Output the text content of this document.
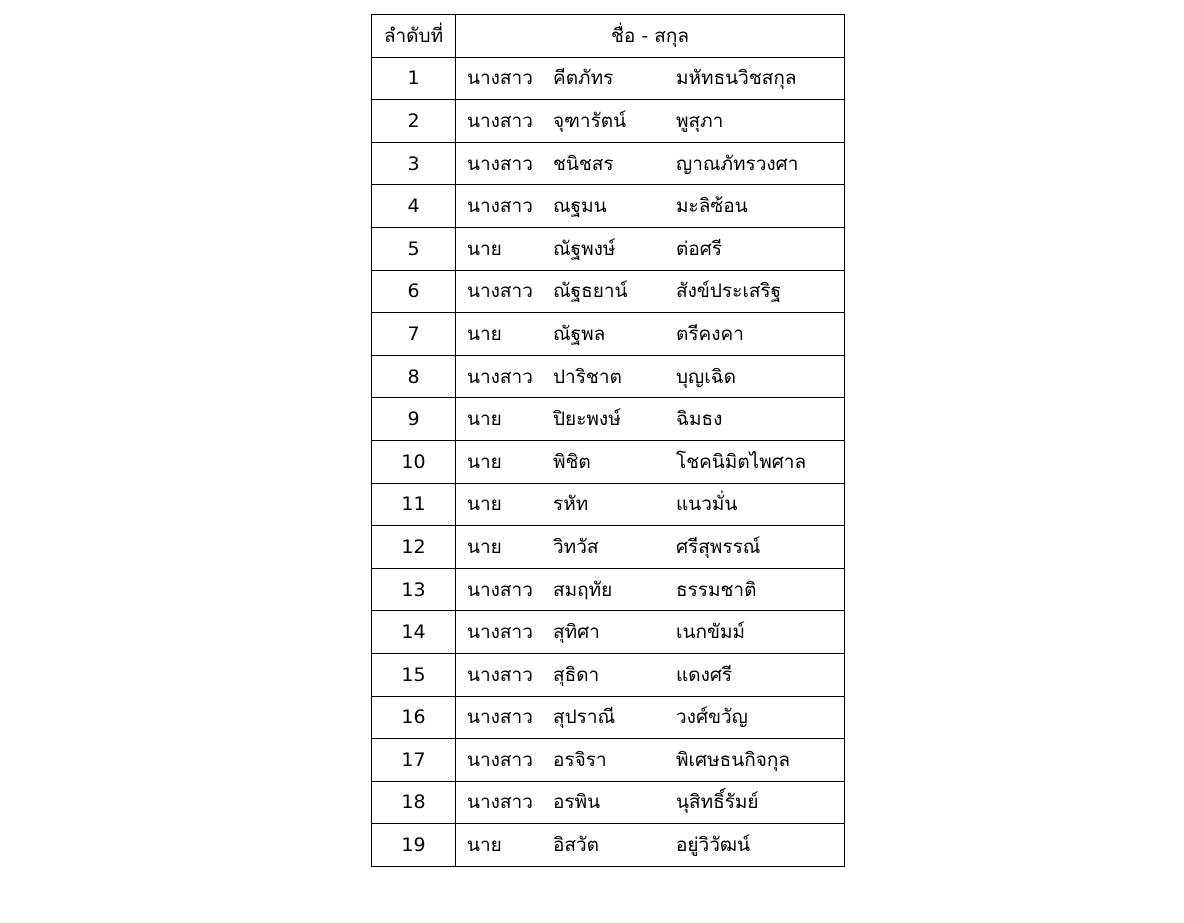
ลำดับที่	ชื่อ - สกุล
1	นางสาว คีตภัทร มหัทธนวิชสกุล

2	นางสาว จุฑารัตน์ พูสุภา

3	นางสาว ชนิชสร ญาณภัทรวงศา

4	นางสาว ณฐมน มะลิซ้อน

5	นาย ณัฐพงษ์ ต่อศรี

6	นางสาว ณัฐธยาน์ สังข์ประเสริฐ

7	นาย ณัฐพล ตรีคงคา

8	นางสาว ปาริชาต บุญเฉิด

9	นาย ปิยะพงษ์ ฉิมธง

10	นาย พิชิต โชคนิมิตไพศาล

11	นาย รหัท แนวมั่น

12	นาย วิทวัส ศรีสุพรรณ์

13	นางสาว สมฤทัย ธรรมชาติ

14	นางสาว สุทิศา เนกขัมม์

15	นางสาว สุธิดา แดงศรี

16	นางสาว สุปราณี วงศ์ขวัญ

17	นางสาว อรจิรา พิเศษธนกิจกุล

18	นางสาว อรพิน นุสิทธิ์รัมย์

19	นาย อิสวัต อยู่วิวัฒน์
